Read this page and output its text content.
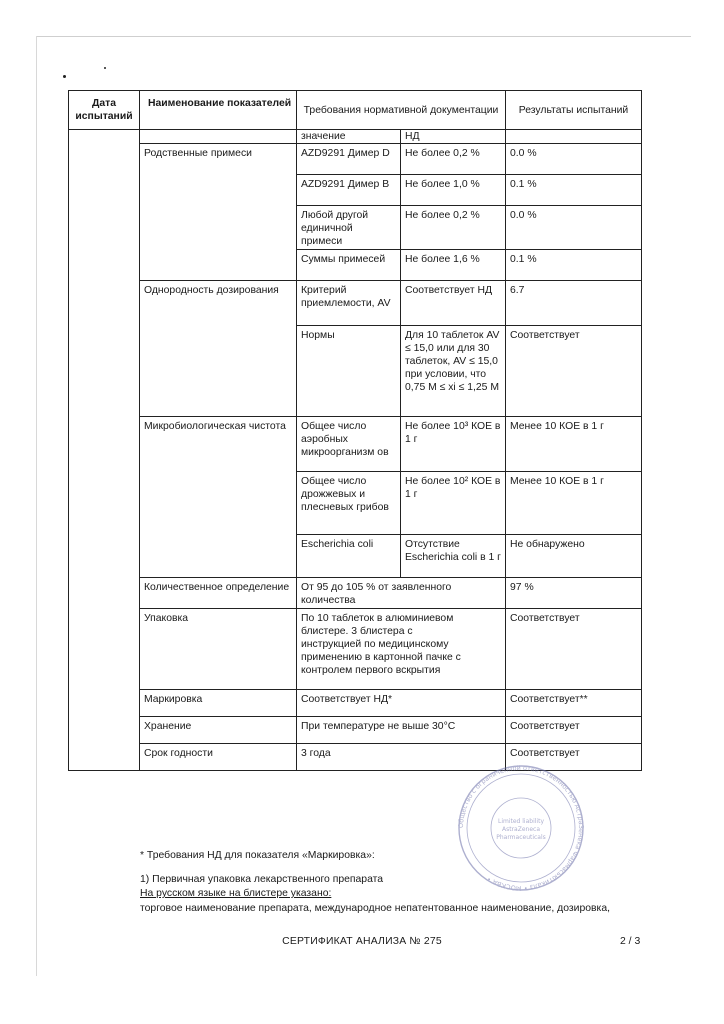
Дата испытаний	Наименование показателей	Требования нормативной документации		Результаты испытаний
		значение	НД	
	Родственные примеси	AZD9291 Димер D	Не более 0,2 %	0.0 %
		AZD9291 Димер B	Не более 1,0 %	0.1 %
		Любой другой единичной примеси	Не более 0,2 %	0.0 %
		Суммы примесей	Не более 1,6 %	0.1 %
	Однородность дозирования	Критерий приемлемости, AV	Соответствует НД	6.7
		Нормы	Для 10 таблеток AV ≤ 15,0 или для 30 таблеток, AV ≤ 15,0 при условии, что 0,75 M ≤ xi ≤ 1,25 M	Соответствует
	Микробиологическая чистота	Общее число аэробных микроорганизм ов	Не более 10³ КОЕ в 1 г	Менее 10 КОЕ в 1 г
		Общее число дрожжевых и плесневых грибов	Не более 10² КОЕ в 1 г	Менее 10 КОЕ в 1 г
		Escherichia coli	Отсутствие Escherichia coli в 1 г	Не обнаружено
	Количественное определение	От 95 до 105 % от заявленного количества		97 %
	Упаковка	По 10 таблеток в алюминиевом блистере. 3 блистера с инструкцией по медицинскому применению в картонной пачке с контролем первого вскрытия		Соответствует
	Маркировка	Соответствует НД*		Соответствует**
	Хранение	При температуре не выше 30°С		Соответствует
	Срок годности	3 года		Соответствует
* Требования НД для показателя «Маркировка»:
1) Первичная упаковка лекарственного препарата
На русском языке на блистере указано:
торговое наименование препарата, международное непатентованное наименование, дозировка,
СЕРТИФИКАТ АНАЛИЗА № 275	2 / 3
Общество с ограниченной ответственностью АстраЗенека Фармасьютикалз • МОСКВА •
Limited liability
AstraZeneca
Pharmaceuticals
